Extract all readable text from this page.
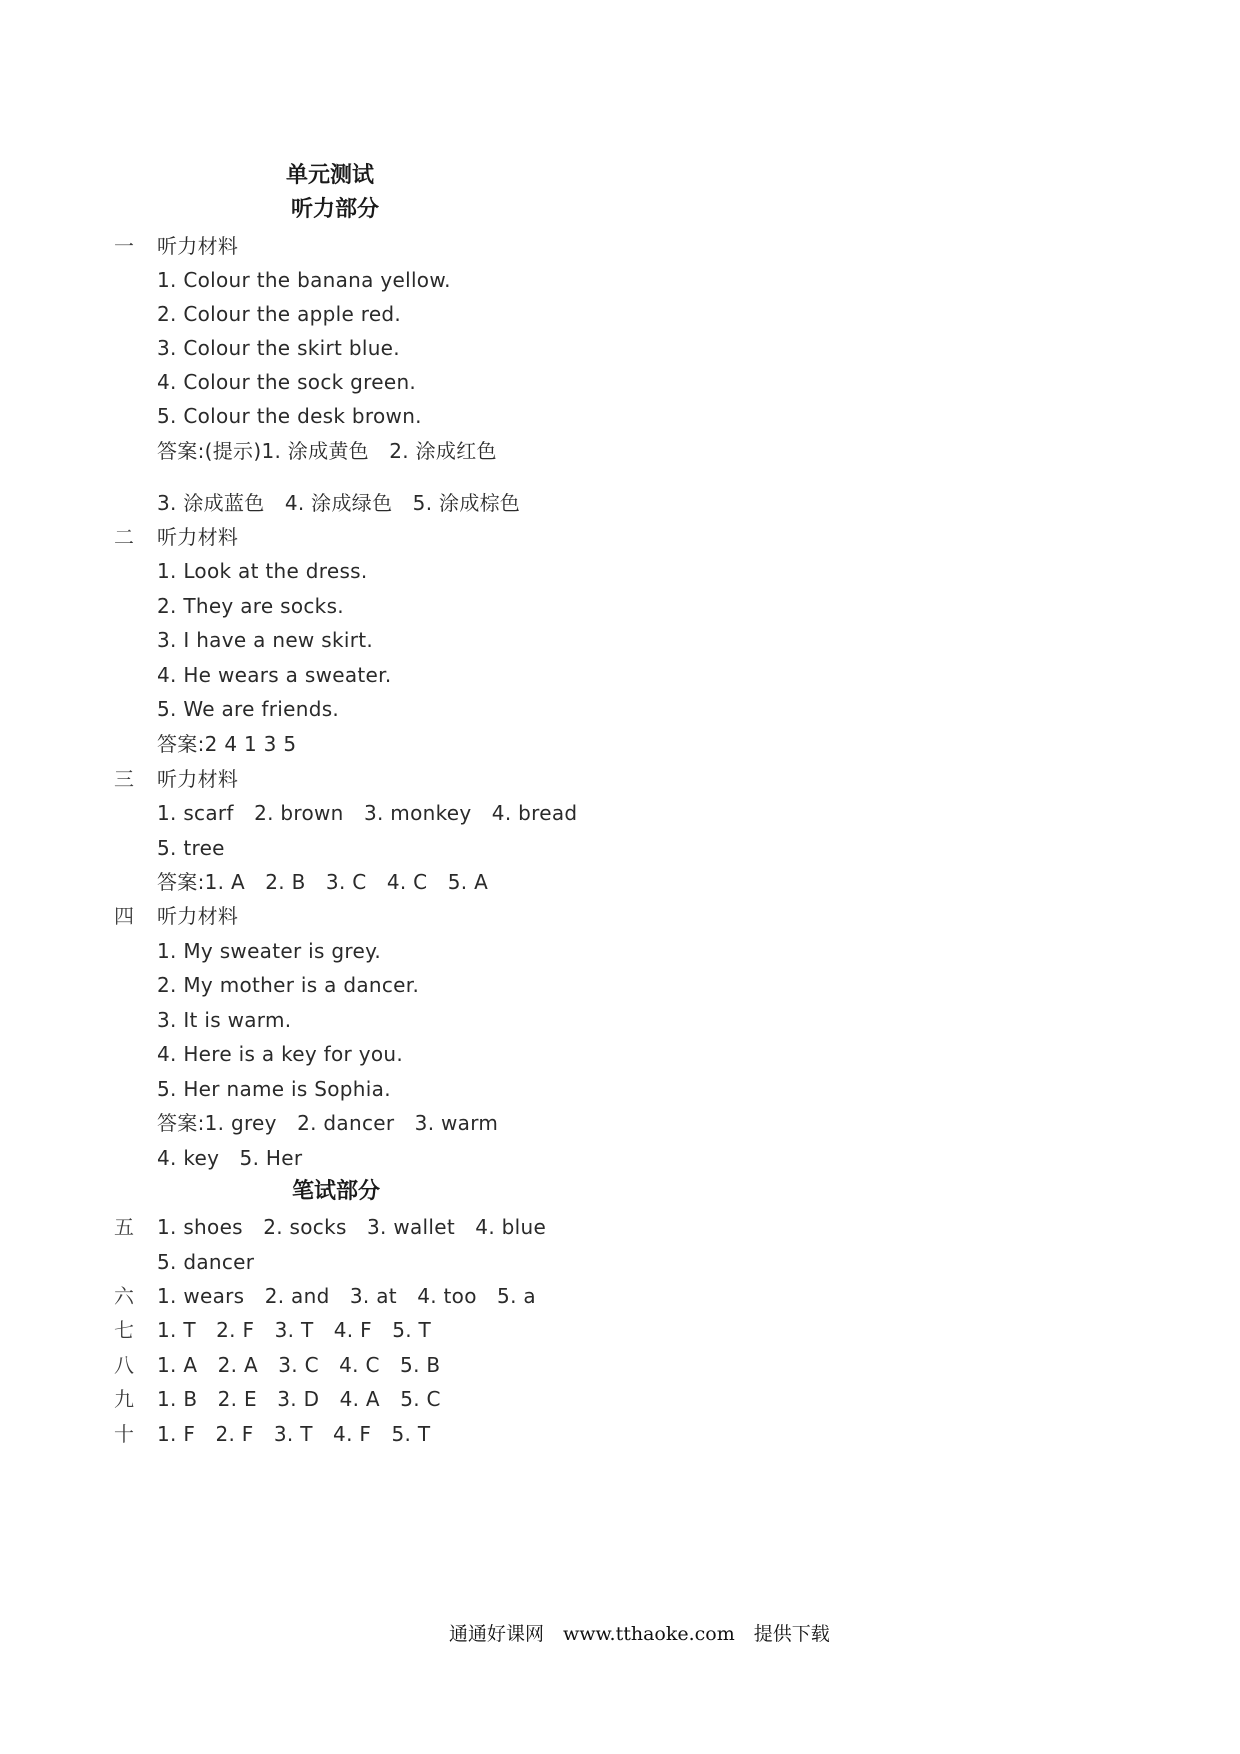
单元测试
听力部分
一 听力材料
1. Colour the banana yellow.
2. Colour the apple red.
3. Colour the skirt blue.
4. Colour the sock green.
5. Colour the desk brown.
答案:(提示)1. 涂成黄色　2. 涂成红色
3. 涂成蓝色　4. 涂成绿色　5. 涂成棕色
二 听力材料
1. Look at the dress.
2. They are socks.
3. I have a new skirt.
4. He wears a sweater.
5. We are friends.
答案:2 4 1 3 5
三 听力材料
1. scarf　2. brown　3. monkey　4. bread
5. tree
答案:1. A　2. B　3. C　4. C　5. A
四 听力材料
1. My sweater is grey.
2. My mother is a dancer.
3. It is warm.
4. Here is a key for you.
5. Her name is Sophia.
答案:1. grey　2. dancer　3. warm
4. key　5. Her
笔试部分
五 1. shoes　2. socks　3. wallet　4. blue
5. dancer
六 1. wears　2. and　3. at　4. too　5. a
七 1. T　2. F　3. T　4. F　5. T
八 1. A　2. A　3. C　4. C　5. B
九 1. B　2. E　3. D　4. A　5. C
十 1. F　2. F　3. T　4. F　5. T
通通好课网　www.tthaoke.com　提供下载
